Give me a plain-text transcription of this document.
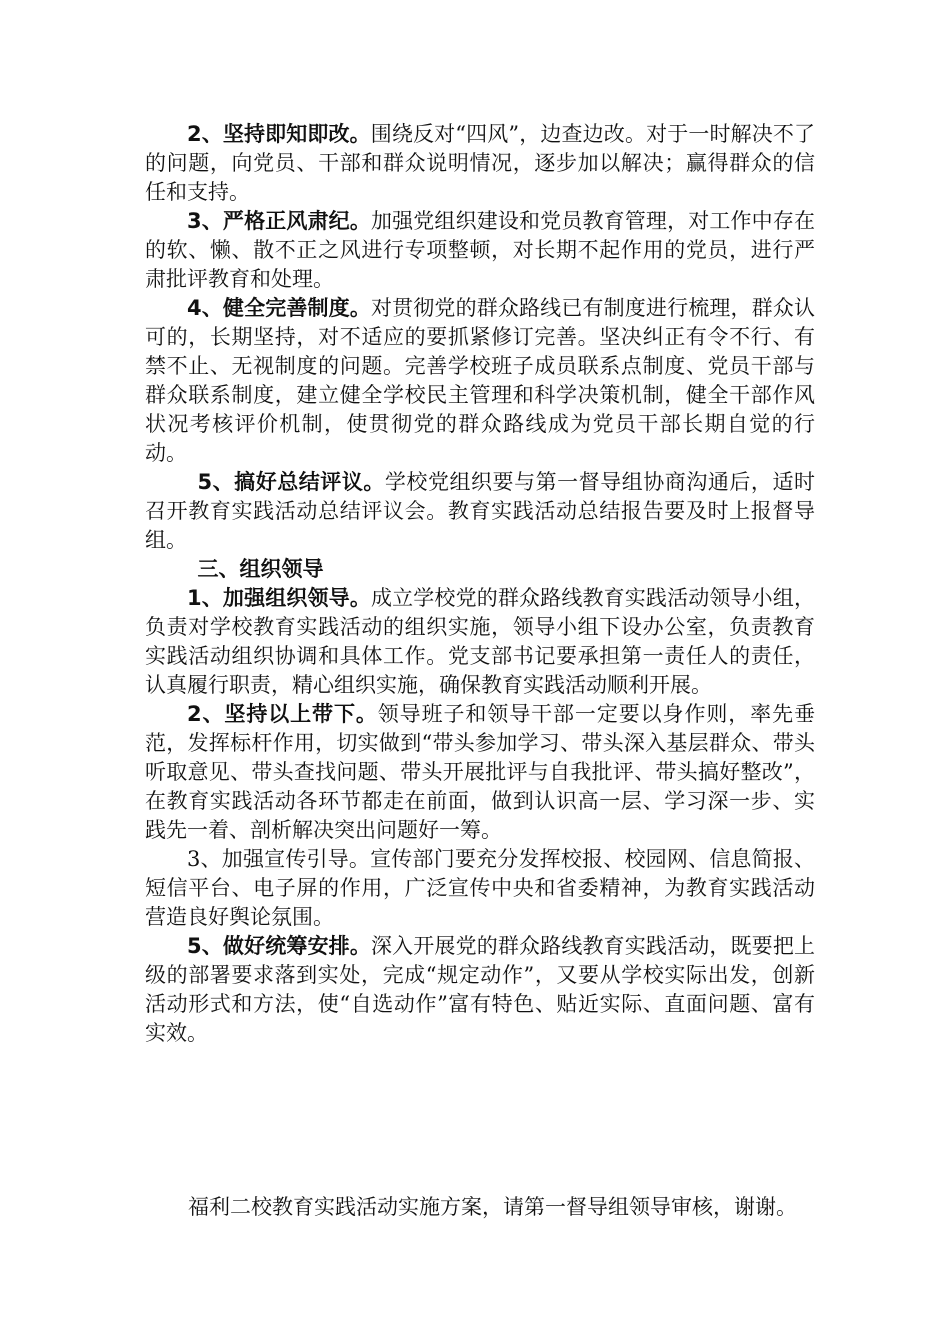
2、坚持即知即改。围绕反对“四风”，边查边改。对于一时解决不了的问题，向党员、干部和群众说明情况，逐步加以解决；赢得群众的信任和支持。

3、严格正风肃纪。加强党组织建设和党员教育管理，对工作中存在的软、懒、散不正之风进行专项整顿，对长期不起作用的党员，进行严肃批评教育和处理。

4、健全完善制度。对贯彻党的群众路线已有制度进行梳理，群众认可的，长期坚持，对不适应的要抓紧修订完善。坚决纠正有令不行、有禁不止、无视制度的问题。完善学校班子成员联系点制度、党员干部与群众联系制度，建立健全学校民主管理和科学决策机制，健全干部作风状况考核评价机制，使贯彻党的群众路线成为党员干部长期自觉的行动。

5、搞好总结评议。学校党组织要与第一督导组协商沟通后，适时召开教育实践活动总结评议会。教育实践活动总结报告要及时上报督导组。

三、组织领导

1、加强组织领导。成立学校党的群众路线教育实践活动领导小组，负责对学校教育实践活动的组织实施，领导小组下设办公室，负责教育实践活动组织协调和具体工作。党支部书记要承担第一责任人的责任，认真履行职责，精心组织实施，确保教育实践活动顺利开展。

2、坚持以上带下。领导班子和领导干部一定要以身作则，率先垂范，发挥标杆作用，切实做到“带头参加学习、带头深入基层群众、带头听取意见、带头查找问题、带头开展批评与自我批评、带头搞好整改”，在教育实践活动各环节都走在前面，做到认识高一层、学习深一步、实践先一着、剖析解决突出问题好一筹。

3、加强宣传引导。宣传部门要充分发挥校报、校园网、信息简报、短信平台、电子屏的作用，广泛宣传中央和省委精神，为教育实践活动营造良好舆论氛围。

5、做好统筹安排。深入开展党的群众路线教育实践活动，既要把上级的部署要求落到实处，完成“规定动作”，又要从学校实际出发，创新活动形式和方法，使“自选动作”富有特色、贴近实际、直面问题、富有实效。

福利二校教育实践活动实施方案，请第一督导组领导审核，谢谢。
